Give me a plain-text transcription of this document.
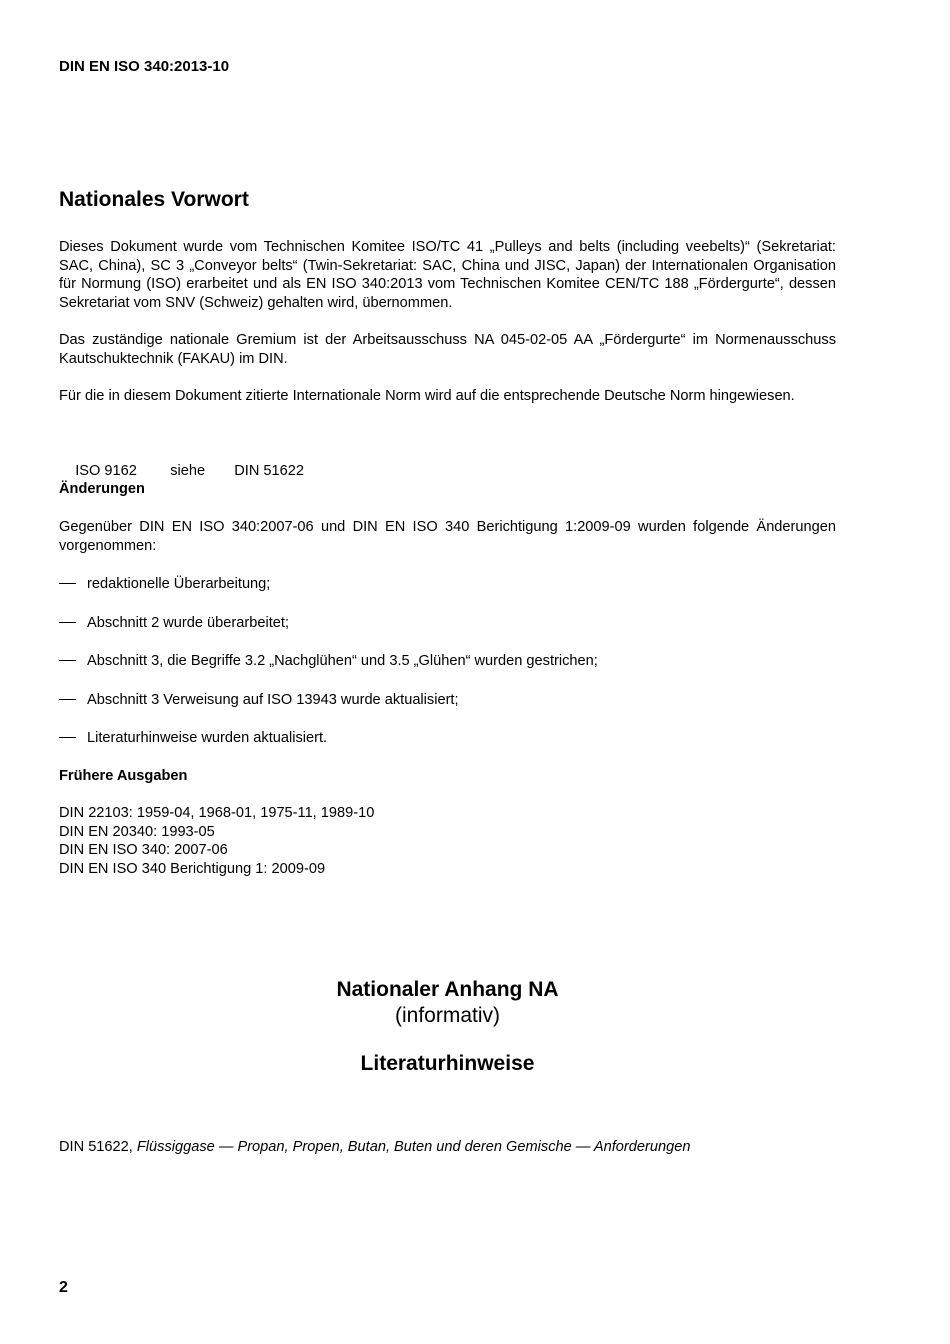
DIN EN ISO 340:2013-10
Nationales Vorwort

Dieses Dokument wurde vom Technischen Komitee ISO/TC 41 „Pulleys and belts (including veebelts)“ (Sekretariat: SAC, China), SC 3 „Conveyor belts“ (Twin-Sekretariat: SAC, China und JISC, Japan) der Internationalen Organisation für Normung (ISO) erarbeitet und als EN ISO 340:2013 vom Technischen Komitee CEN/TC 188 „Fördergurte“, dessen Sekretariat vom SNV (Schweiz) gehalten wird, übernommen.

Das zuständige nationale Gremium ist der Arbeitsausschuss NA 045-02-05 AA „Fördergurte“ im Normenausschuss Kautschuktechnik (FAKAU) im DIN.

Für die in diesem Dokument zitierte Internationale Norm wird auf die entsprechende Deutsche Norm hingewiesen.

ISO 9162 siehe DIN 51622

Änderungen

Gegenüber DIN EN ISO 340:2007-06 und DIN EN ISO 340 Berichtigung 1:2009-09 wurden folgende Änderungen vorgenommen:

redaktionelle Überarbeitung;
Abschnitt 2 wurde überarbeitet;
Abschnitt 3, die Begriffe 3.2 „Nachglühen“ und 3.5 „Glühen“ wurden gestrichen;
Abschnitt 3 Verweisung auf ISO 13943 wurde aktualisiert;
Literaturhinweise wurden aktualisiert.
Frühere Ausgaben
DIN 22103: 1959-04, 1968-01, 1975-11, 1989-10
DIN EN 20340: 1993-05
DIN EN ISO 340: 2007-06
DIN EN ISO 340 Berichtigung 1: 2009-09
Nationaler Anhang NA
(informativ)
Literaturhinweise
DIN 51622, Flüssiggase — Propan, Propen, Butan, Buten und deren Gemische — Anforderungen
2
